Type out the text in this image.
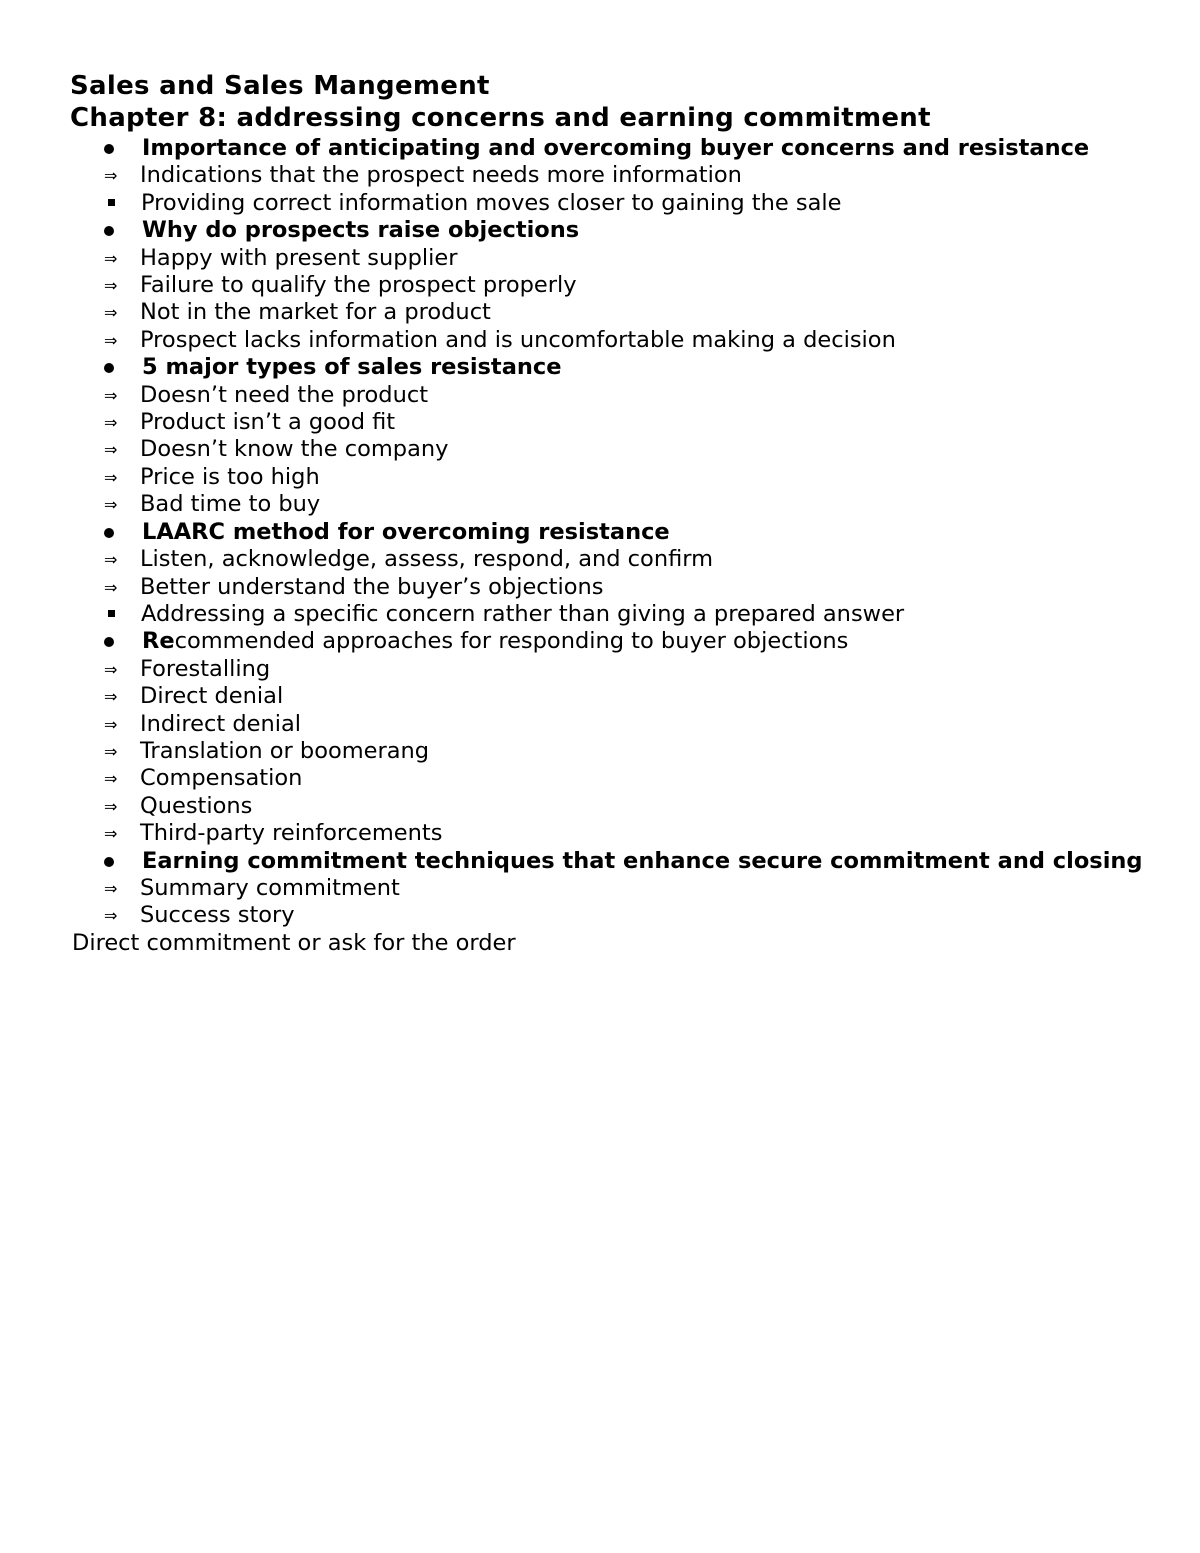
Sales and Sales Mangement

Chapter 8: addressing concerns and earning commitment

Importance of anticipating and overcoming buyer concerns and resistance
⇒ Indications that the prospect needs more information
Providing correct information moves closer to gaining the sale
Why do prospects raise objections
⇒ Happy with present supplier
⇒ Failure to qualify the prospect properly
⇒ Not in the market for a product
⇒ Prospect lacks information and is uncomfortable making a decision
5 major types of sales resistance
⇒ Doesn’t need the product
⇒ Product isn’t a good fit
⇒ Doesn’t know the company
⇒ Price is too high
⇒ Bad time to buy
LAARC method for overcoming resistance
⇒ Listen, acknowledge, assess, respond, and confirm
⇒ Better understand the buyer’s objections
Addressing a specific concern rather than giving a prepared answer
Recommended approaches for responding to buyer objections
⇒ Forestalling
⇒ Direct denial
⇒ Indirect denial
⇒ Translation or boomerang
⇒ Compensation
⇒ Questions
⇒ Third-party reinforcements
Earning commitment techniques that enhance secure commitment and closing
⇒ Summary commitment
⇒ Success story

Direct commitment or ask for the order
